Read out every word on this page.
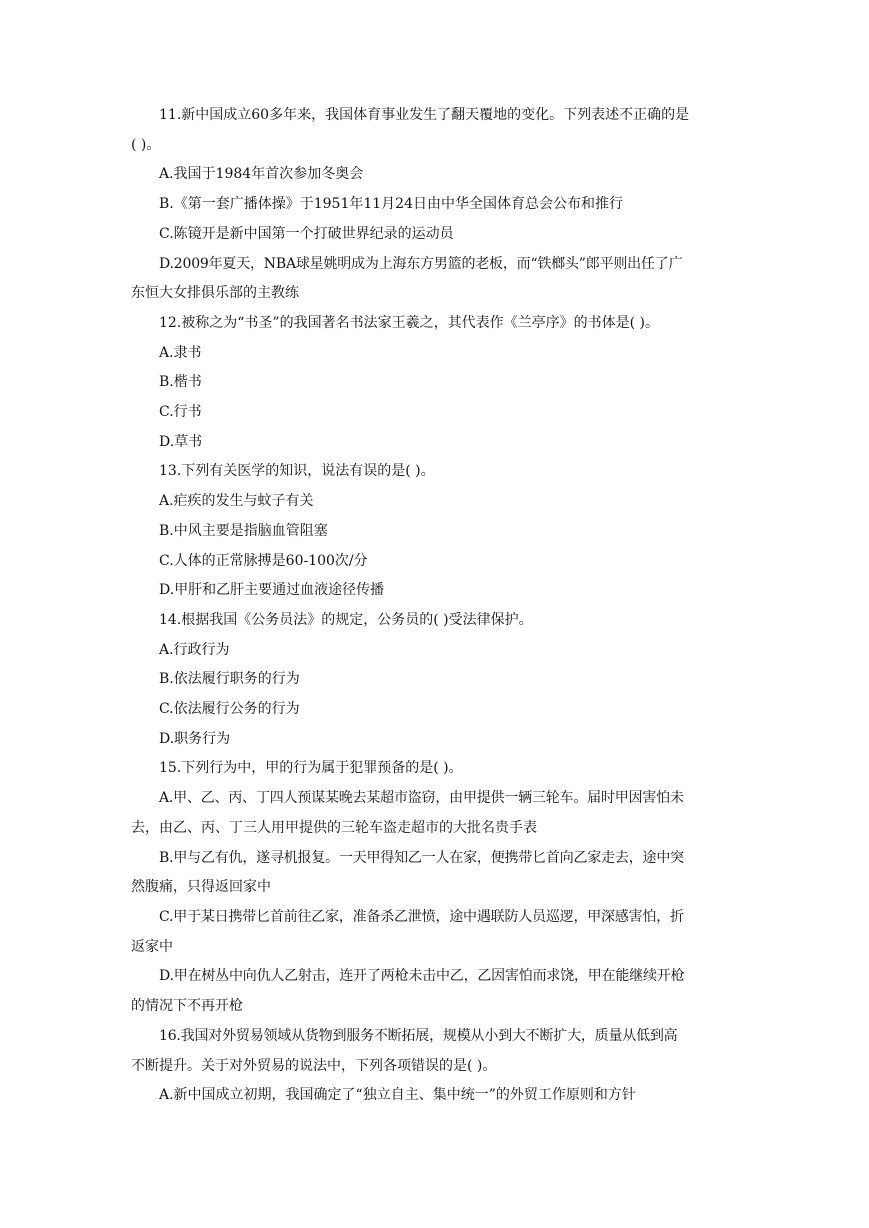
11.新中国成立60多年来，我国体育事业发生了翻天覆地的变化。下列表述不正确的是

( )。

A.我国于1984年首次参加冬奥会

B.《第一套广播体操》于1951年11月24日由中华全国体育总会公布和推行

C.陈镜开是新中国第一个打破世界纪录的运动员

D.2009年夏天，NBA球星姚明成为上海东方男篮的老板，而“铁榔头”郎平则出任了广

东恒大女排俱乐部的主教练

12.被称之为“书圣”的我国著名书法家王羲之，其代表作《兰亭序》的书体是( )。

A.隶书

B.楷书

C.行书

D.草书

13.下列有关医学的知识，说法有误的是( )。

A.疟疾的发生与蚊子有关

B.中风主要是指脑血管阻塞

C.人体的正常脉搏是60-100次/分

D.甲肝和乙肝主要通过血液途径传播

14.根据我国《公务员法》的规定，公务员的( )受法律保护。

A.行政行为

B.依法履行职务的行为

C.依法履行公务的行为

D.职务行为

15.下列行为中，甲的行为属于犯罪预备的是( )。

A.甲、乙、丙、丁四人预谋某晚去某超市盗窃，由甲提供一辆三轮车。届时甲因害怕未

去，由乙、丙、丁三人用甲提供的三轮车盗走超市的大批名贵手表

B.甲与乙有仇，遂寻机报复。一天甲得知乙一人在家，便携带匕首向乙家走去，途中突

然腹痛，只得返回家中

C.甲于某日携带匕首前往乙家，准备杀乙泄愤，途中遇联防人员巡逻，甲深感害怕，折

返家中

D.甲在树丛中向仇人乙射击，连开了两枪未击中乙，乙因害怕而求饶，甲在能继续开枪

的情况下不再开枪

16.我国对外贸易领域从货物到服务不断拓展，规模从小到大不断扩大，质量从低到高

不断提升。关于对外贸易的说法中，下列各项错误的是( )。

A.新中国成立初期，我国确定了“独立自主、集中统一”的外贸工作原则和方针
